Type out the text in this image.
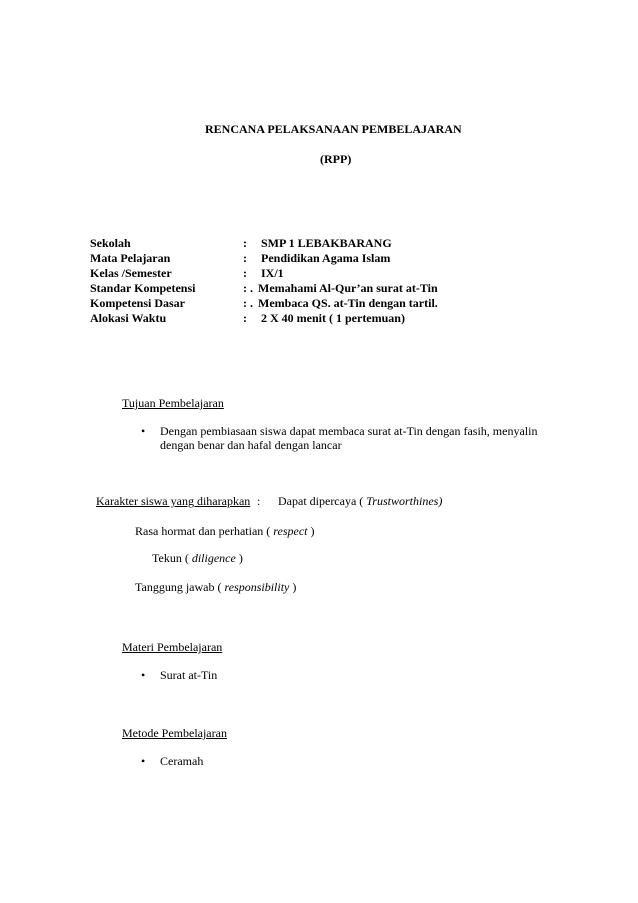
RENCANA PELAKSANAAN PEMBELAJARAN
(RPP)
Sekolah	: SMP 1 LEBAKBARANG
Mata Pelajaran	: Pendidikan Agama Islam
Kelas /Semester	: IX/1
Standar Kompetensi	: . Memahami Al-Qur’an surat at-Tin
Kompetensi Dasar	: . Membaca QS. at-Tin dengan tartil.
Alokasi Waktu	: 2 X 40 menit ( 1 pertemuan)
Tujuan Pembelajaran
• Dengan pembiasaan siswa dapat membaca surat at-Tin dengan fasih, menyalin
dengan benar dan hafal dengan lancar
Karakter siswa yang diharapkan : Dapat dipercaya ( Trustworthines)
Rasa hormat dan perhatian ( respect )
Tekun ( diligence )
Tanggung jawab ( responsibility )
Materi Pembelajaran
• Surat at-Tin
Metode Pembelajaran
• Ceramah
